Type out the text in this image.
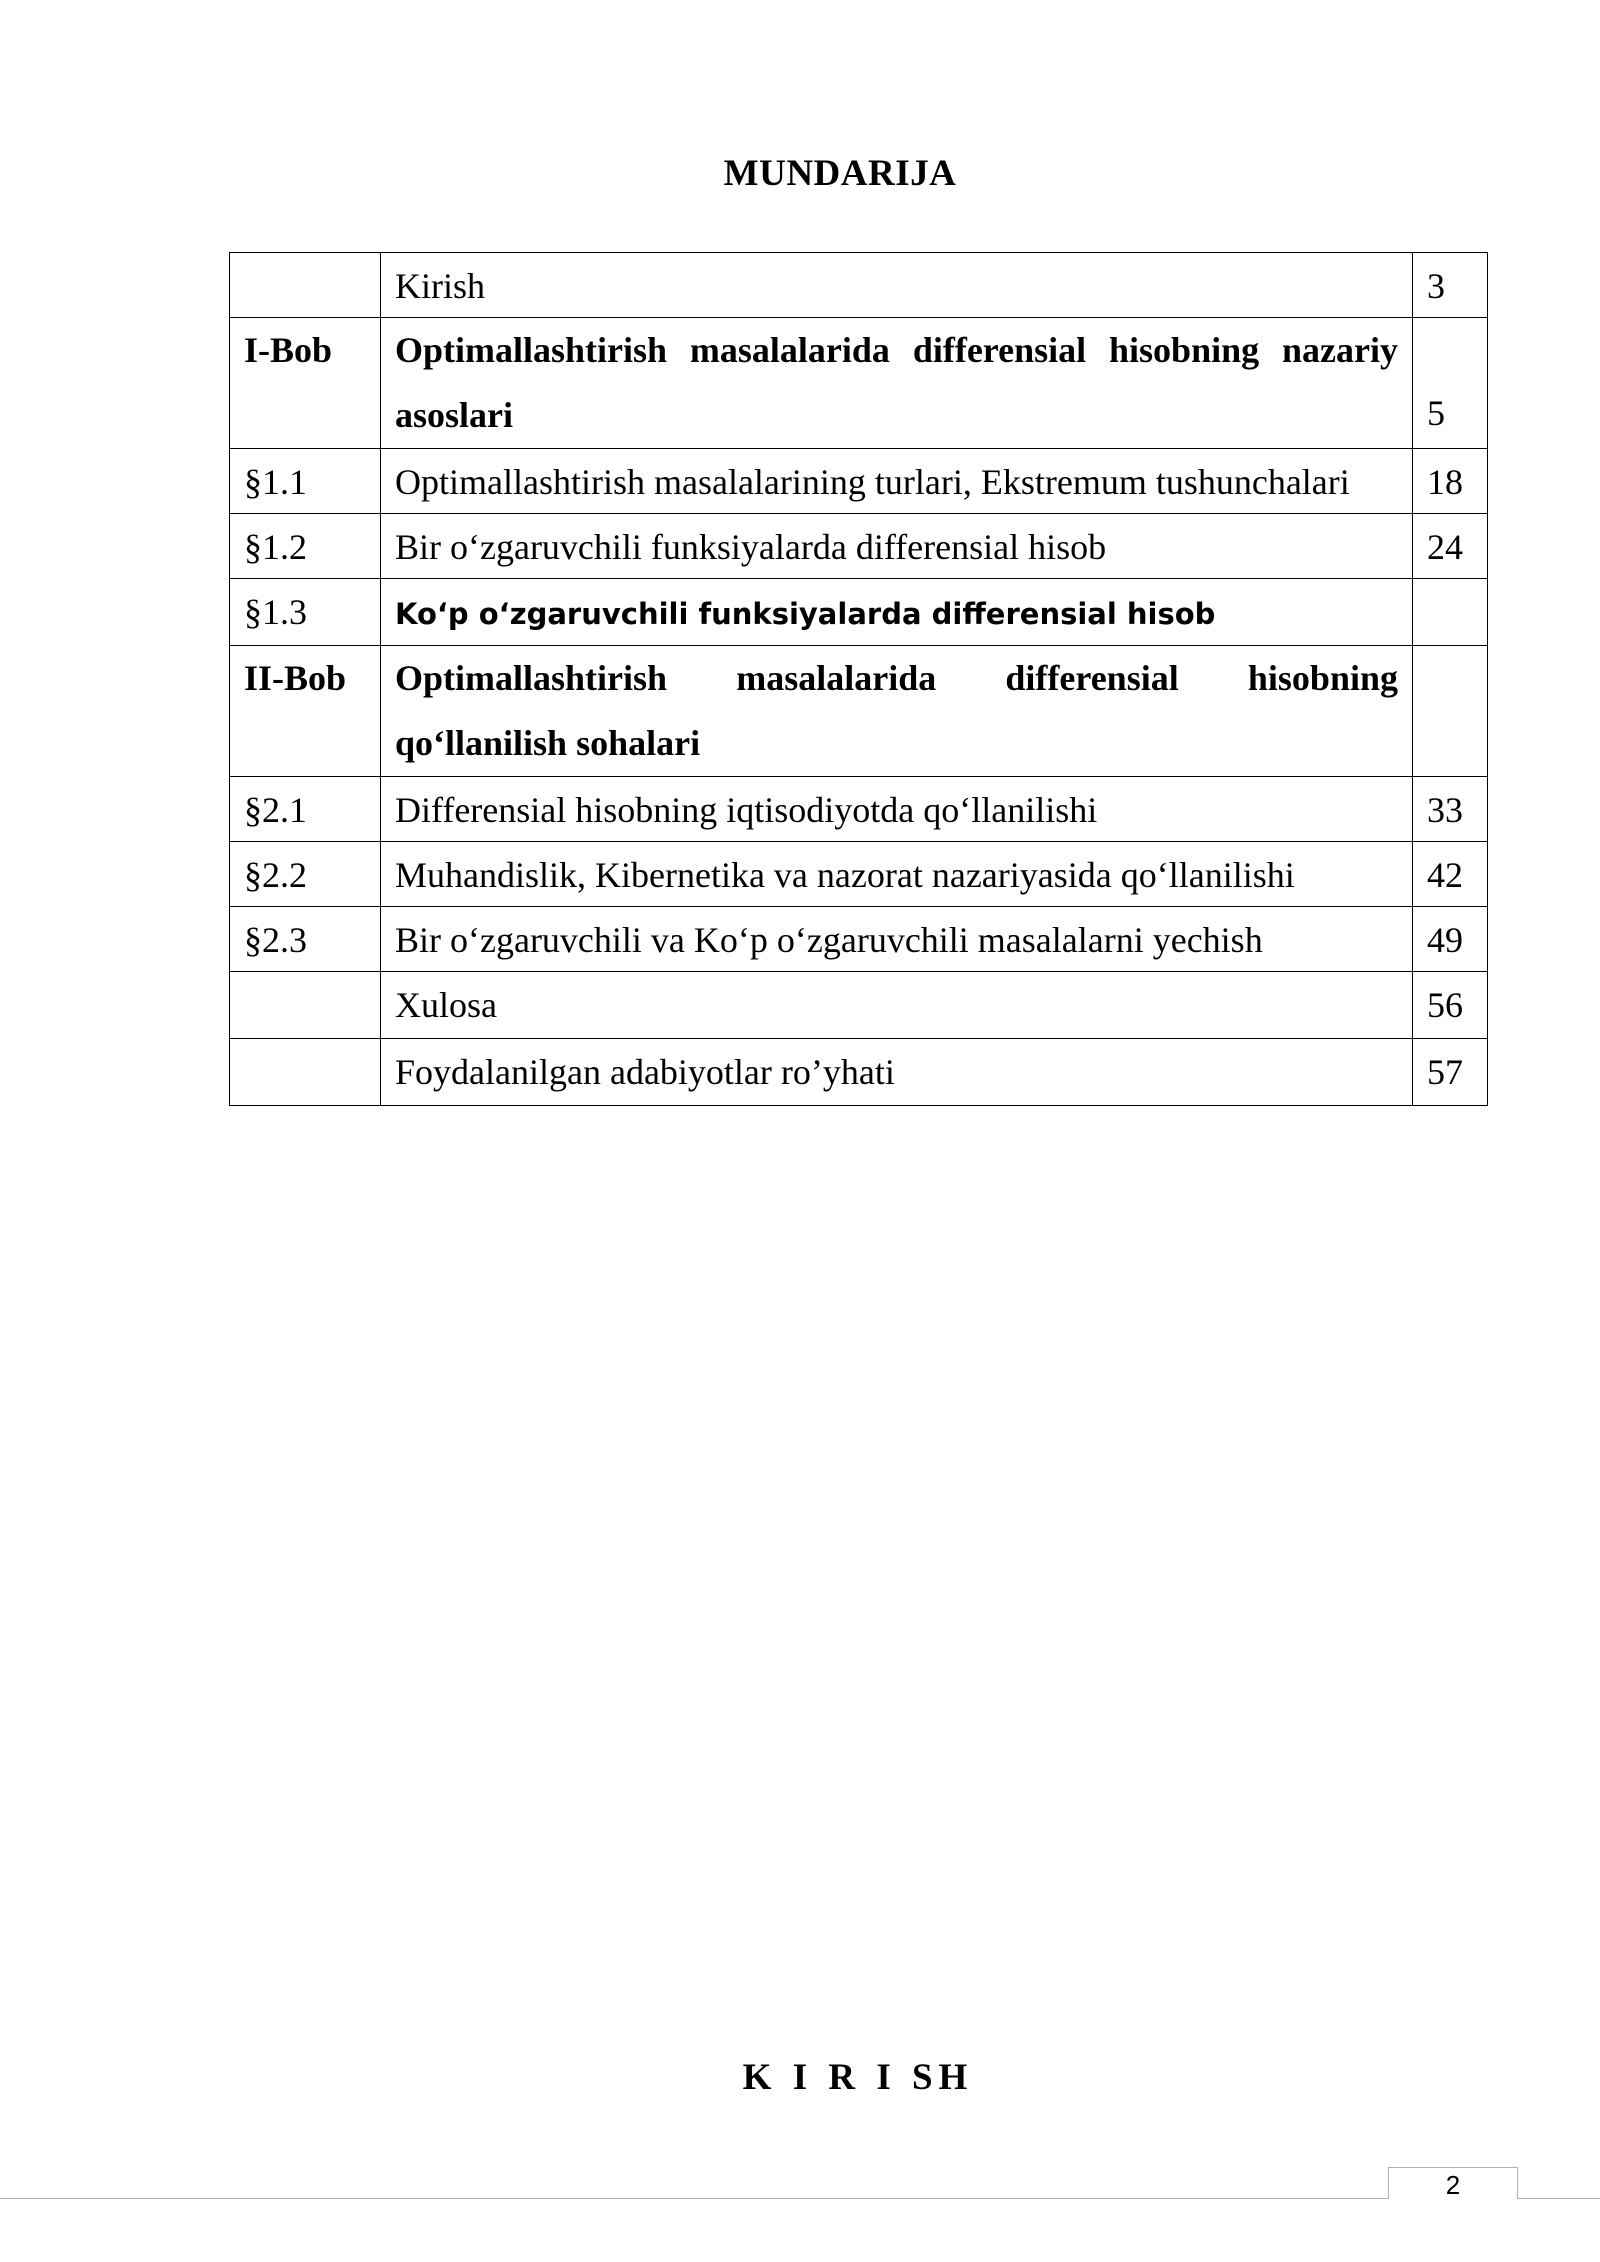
MUNDARIJA
	Kirish	3
I-Bob	Optimallashtirish masalalarida differensial hisobning nazariy asoslari	5
§1.1	Optimallashtirish masalalarining turlari, Ekstremum tushunchalari	18
§1.2	Bir o‘zgaruvchili funksiyalarda differensial hisob	24
§1.3	Ko‘p o‘zgaruvchili funksiyalarda differensial hisob	
II-Bob	Optimallashtirish masalalarida differensial hisobning qo‘llanilish sohalari	
§2.1	Differensial hisobning iqtisodiyotda qo‘llanilishi	33
§2.2	Muhandislik, Kibernetika va nazorat nazariyasida qo‘llanilishi	42
§2.3	Bir o‘zgaruvchili va Ko‘p o‘zgaruvchili masalalarni yechish	49
	Xulosa	56
	Foydalanilgan adabiyotlar ro’yhati	57
K I R I SH
2
